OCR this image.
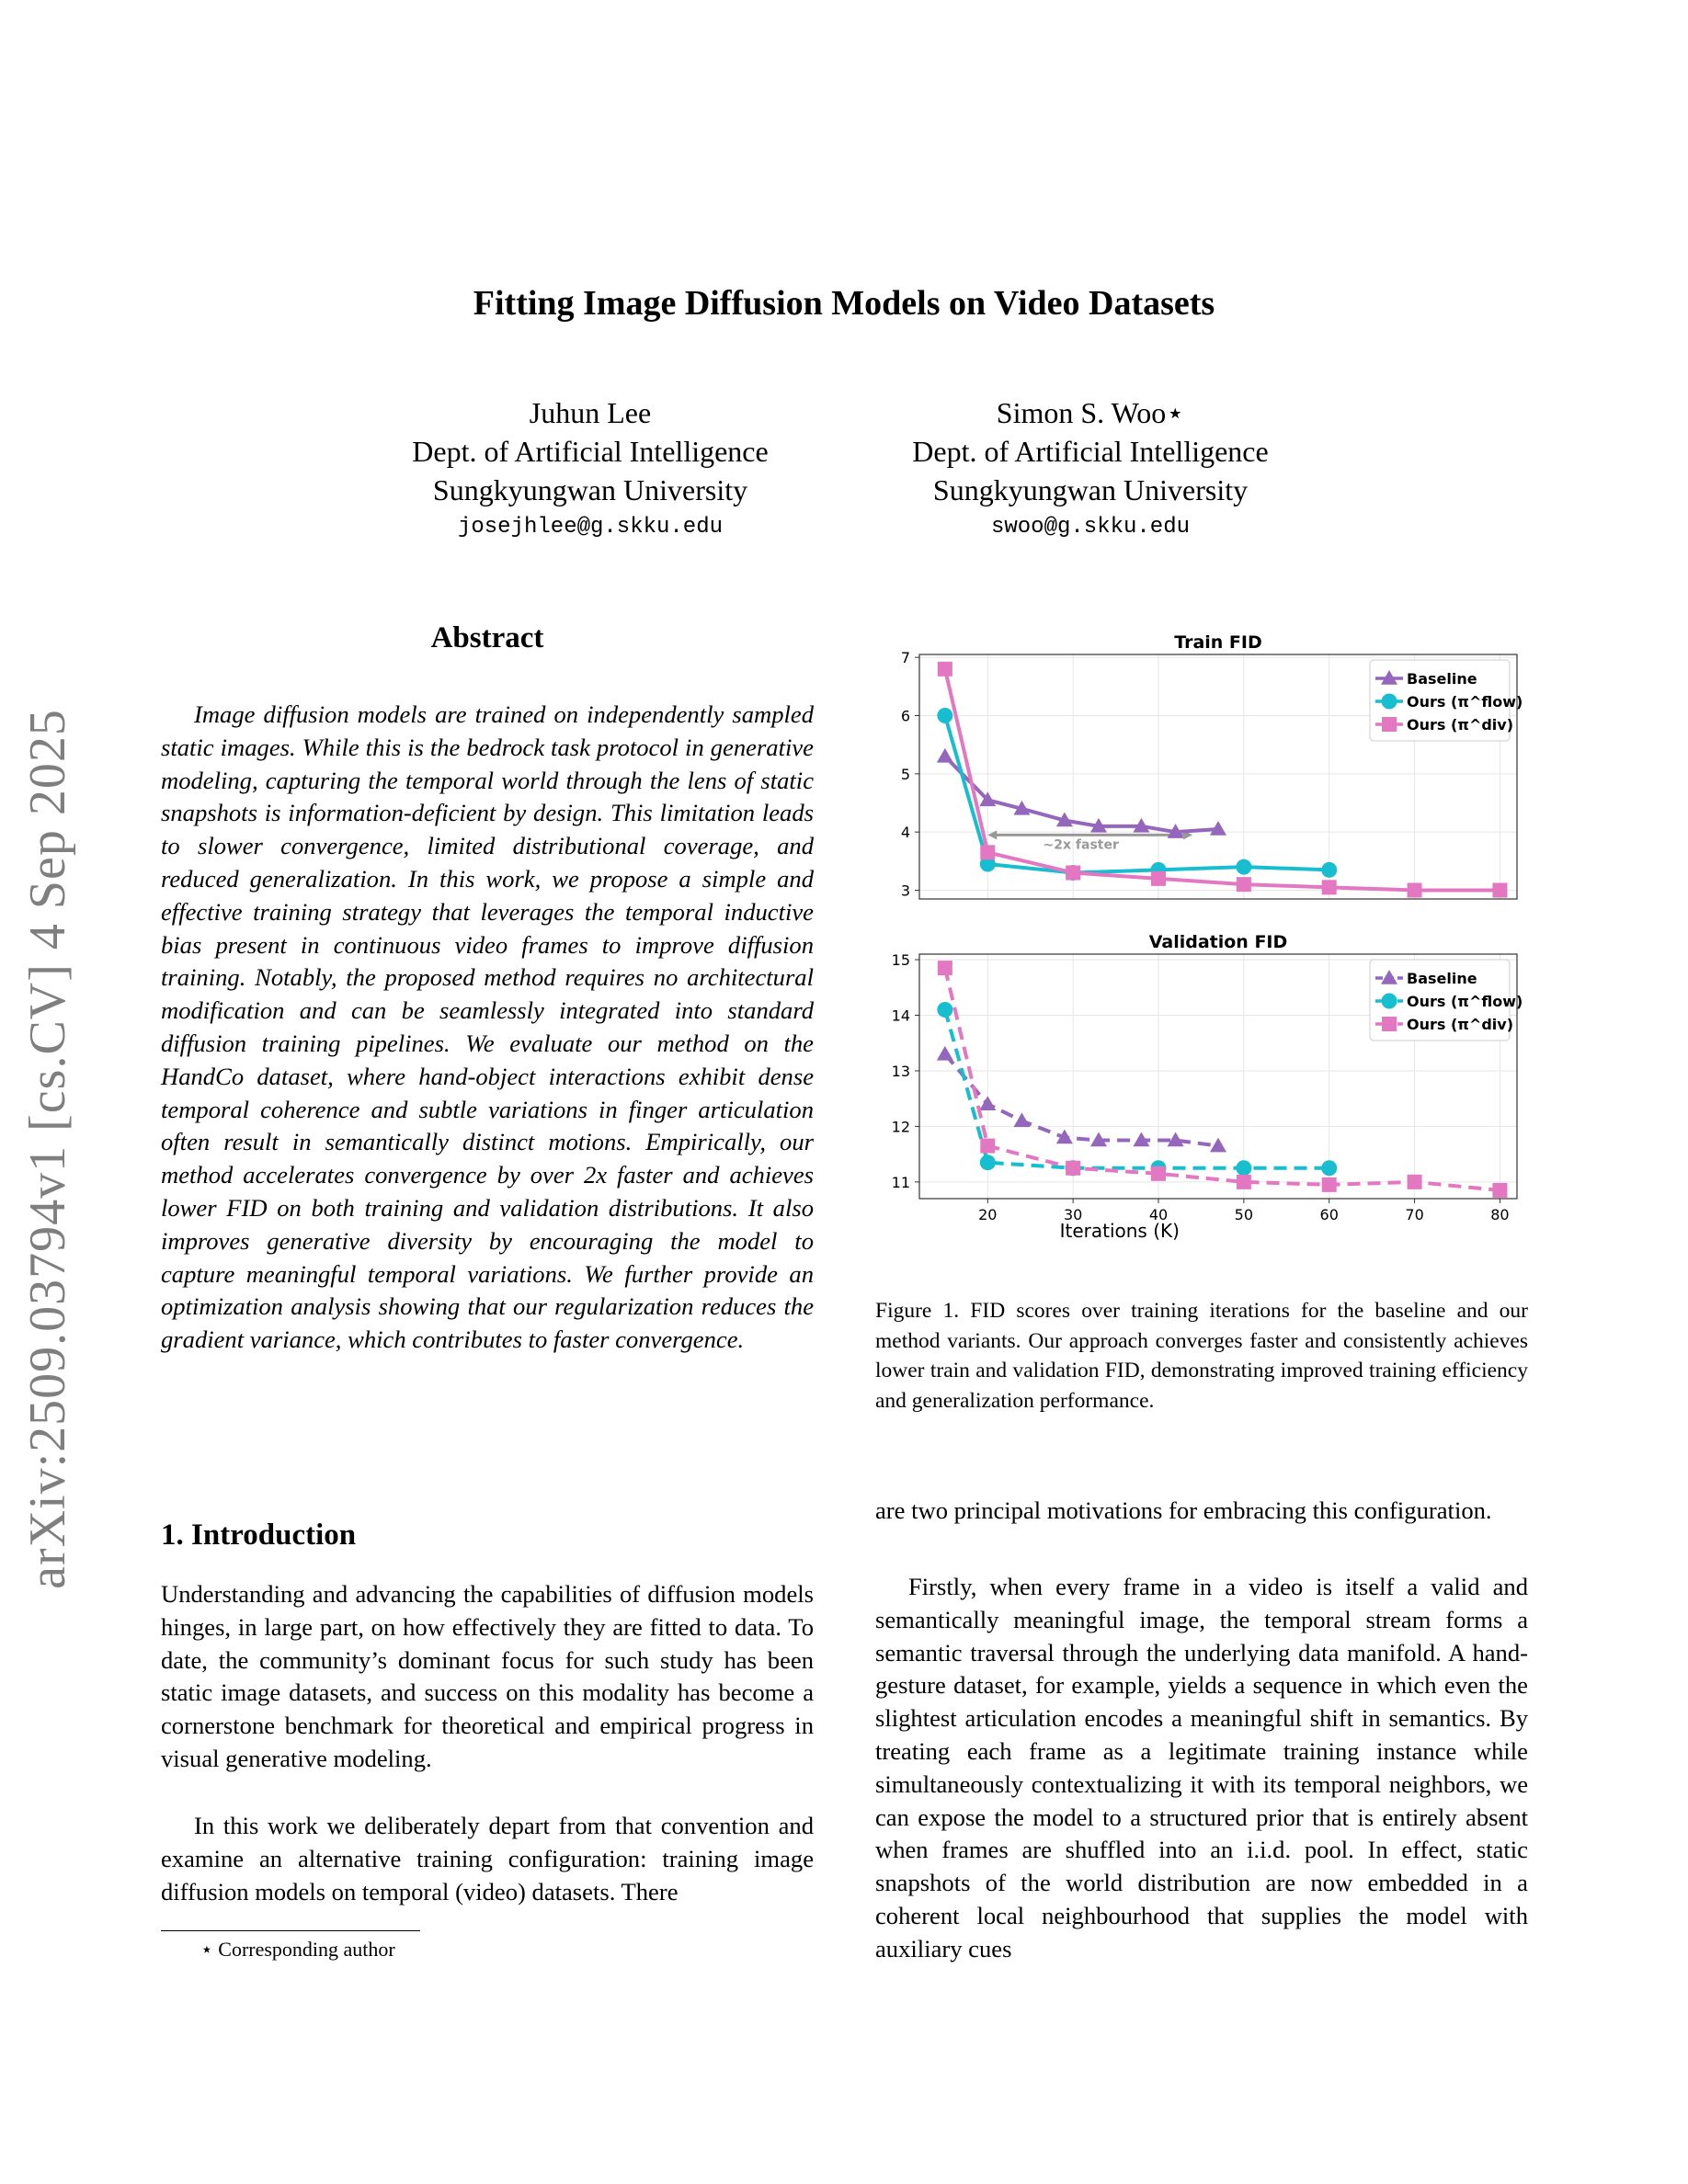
Fitting Image Diffusion Models on Video Datasets
Juhun Lee
Dept. of Artificial Intelligence
Sungkyungwan University
josejhlee@g.skku.edu
Simon S. Woo⋆
Dept. of Artificial Intelligence
Sungkyungwan University
swoo@g.skku.edu
arXiv:2509.03794v1 [cs.CV] 4 Sep 2025
Abstract
Image diffusion models are trained on independently sampled static images. While this is the bedrock task protocol in generative modeling, capturing the temporal world through the lens of static snapshots is information-deficient by design. This limitation leads to slower convergence, limited distributional coverage, and reduced generalization. In this work, we propose a simple and effective training strategy that leverages the temporal inductive bias present in continuous video frames to improve diffusion training. Notably, the proposed method requires no architectural modification and can be seamlessly integrated into standard diffusion training pipelines. We evaluate our method on the HandCo dataset, where hand-object interactions exhibit dense temporal coherence and subtle variations in finger articulation often result in semantically distinct motions. Empirically, our method accelerates convergence by over 2x faster and achieves lower FID on both training and validation distributions. It also improves generative diversity by encouraging the model to capture meaningful temporal variations. We further provide an optimization analysis showing that our regularization reduces the gradient variance, which contributes to faster convergence.
Train FID
3
4
5
6
7
~2x faster
Baseline
Ours (π^flow)
Ours (π^div)
Validation FID
11
12
13
14
15
20	30	40	50	60	70	80
Iterations (K)
Baseline
Ours (π^flow)
Ours (π^div)
Figure 1. FID scores over training iterations for the baseline and our method variants. Our approach converges faster and consistently achieves lower train and validation FID, demonstrating improved training efficiency and generalization performance.
1. Introduction
Understanding and advancing the capabilities of diffusion models hinges, in large part, on how effectively they are fitted to data. To date, the community’s dominant focus for such study has been static image datasets, and success on this modality has become a cornerstone benchmark for theoretical and empirical progress in visual generative modeling.
In this work we deliberately depart from that convention and examine an alternative training configuration: training image diffusion models on temporal (video) datasets. There
are two principal motivations for embracing this configuration.
Firstly, when every frame in a video is itself a valid and semantically meaningful image, the temporal stream forms a semantic traversal through the underlying data manifold. A hand-gesture dataset, for example, yields a sequence in which even the slightest articulation encodes a meaningful shift in semantics. By treating each frame as a legitimate training instance while simultaneously contextualizing it with its temporal neighbors, we can expose the model to a structured prior that is entirely absent when frames are shuffled into an i.i.d. pool. In effect, static snapshots of the world distribution are now embedded in a coherent local neighbourhood that supplies the model with auxiliary cues
⋆ Corresponding author
